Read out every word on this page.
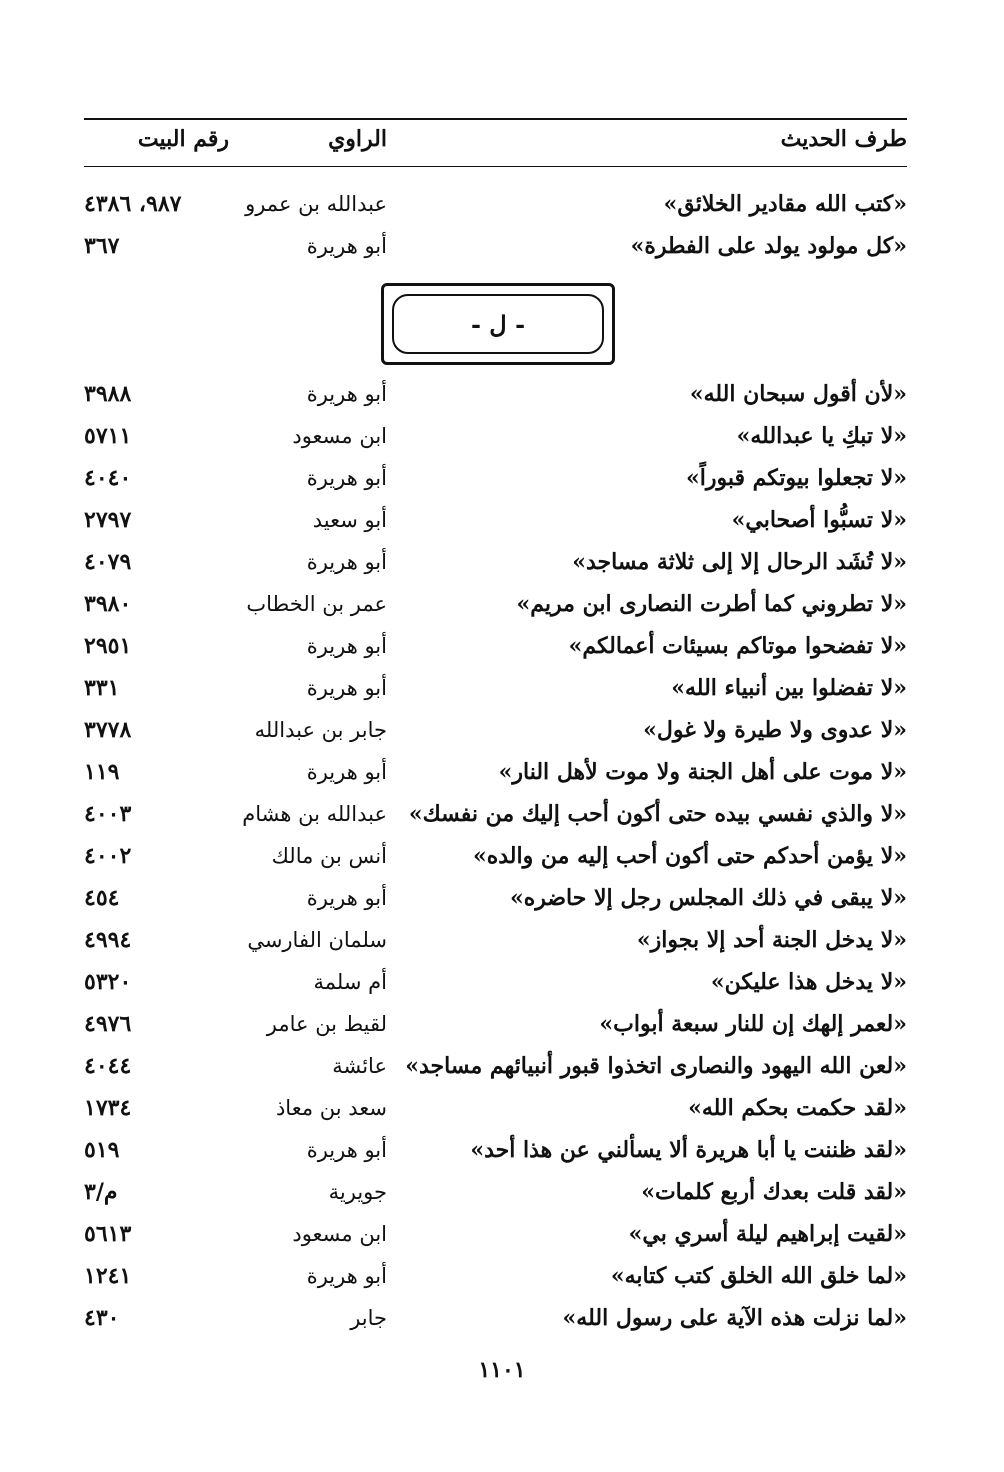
طرف الحديث
الراوي
رقم البيت
«كتب الله مقادير الخلائق»
عبدالله بن عمرو
٩٨٧، ٤٣٨٦
«كل مولود يولد على الفطرة»
أبو هريرة
٣٦٧
- ل -
«لأن أقول سبحان الله»
أبو هريرة
٣٩٨٨
«لا تبكِ يا عبدالله»
ابن مسعود
٥٧١١
«لا تجعلوا بيوتكم قبوراً»
أبو هريرة
٤٠٤٠
«لا تسبُّوا أصحابي»
أبو سعيد
٢٧٩٧
«لا تُشَد الرحال إلا إلى ثلاثة مساجد»
أبو هريرة
٤٠٧٩
«لا تطروني كما أطرت النصارى ابن مريم»
عمر بن الخطاب
٣٩٨٠
«لا تفضحوا موتاكم بسيئات أعمالكم»
أبو هريرة
٢٩٥١
«لا تفضلوا بين أنبياء الله»
أبو هريرة
٣٣١
«لا عدوى ولا طيرة ولا غول»
جابر بن عبدالله
٣٧٧٨
«لا موت على أهل الجنة ولا موت لأهل النار»
أبو هريرة
١١٩
«لا والذي نفسي بيده حتى أكون أحب إليك من نفسك»
عبدالله بن هشام
٤٠٠٣
«لا يؤمن أحدكم حتى أكون أحب إليه من والده»
أنس بن مالك
٤٠٠٢
«لا يبقى في ذلك المجلس رجل إلا حاضره»
أبو هريرة
٤٥٤
«لا يدخل الجنة أحد إلا بجواز»
سلمان الفارسي
٤٩٩٤
«لا يدخل هذا عليكن»
أم سلمة
٥٣٢٠
«لعمر إلهك إن للنار سبعة أبواب»
لقيط بن عامر
٤٩٧٦
«لعن الله اليهود والنصارى اتخذوا قبور أنبيائهم مساجد»
عائشة
٤٠٤٤
«لقد حكمت بحكم الله»
سعد بن معاذ
١٧٣٤
«لقد ظننت يا أبا هريرة ألا يسألني عن هذا أحد»
أبو هريرة
٥١٩
«لقد قلت بعدك أربع كلمات»
جويرية
م/٣
«لقيت إبراهيم ليلة أسري بي»
ابن مسعود
٥٦١٣
«لما خلق الله الخلق كتب كتابه»
أبو هريرة
١٢٤١
«لما نزلت هذه الآية على رسول الله»
جابر
٤٣٠
١١٠١
